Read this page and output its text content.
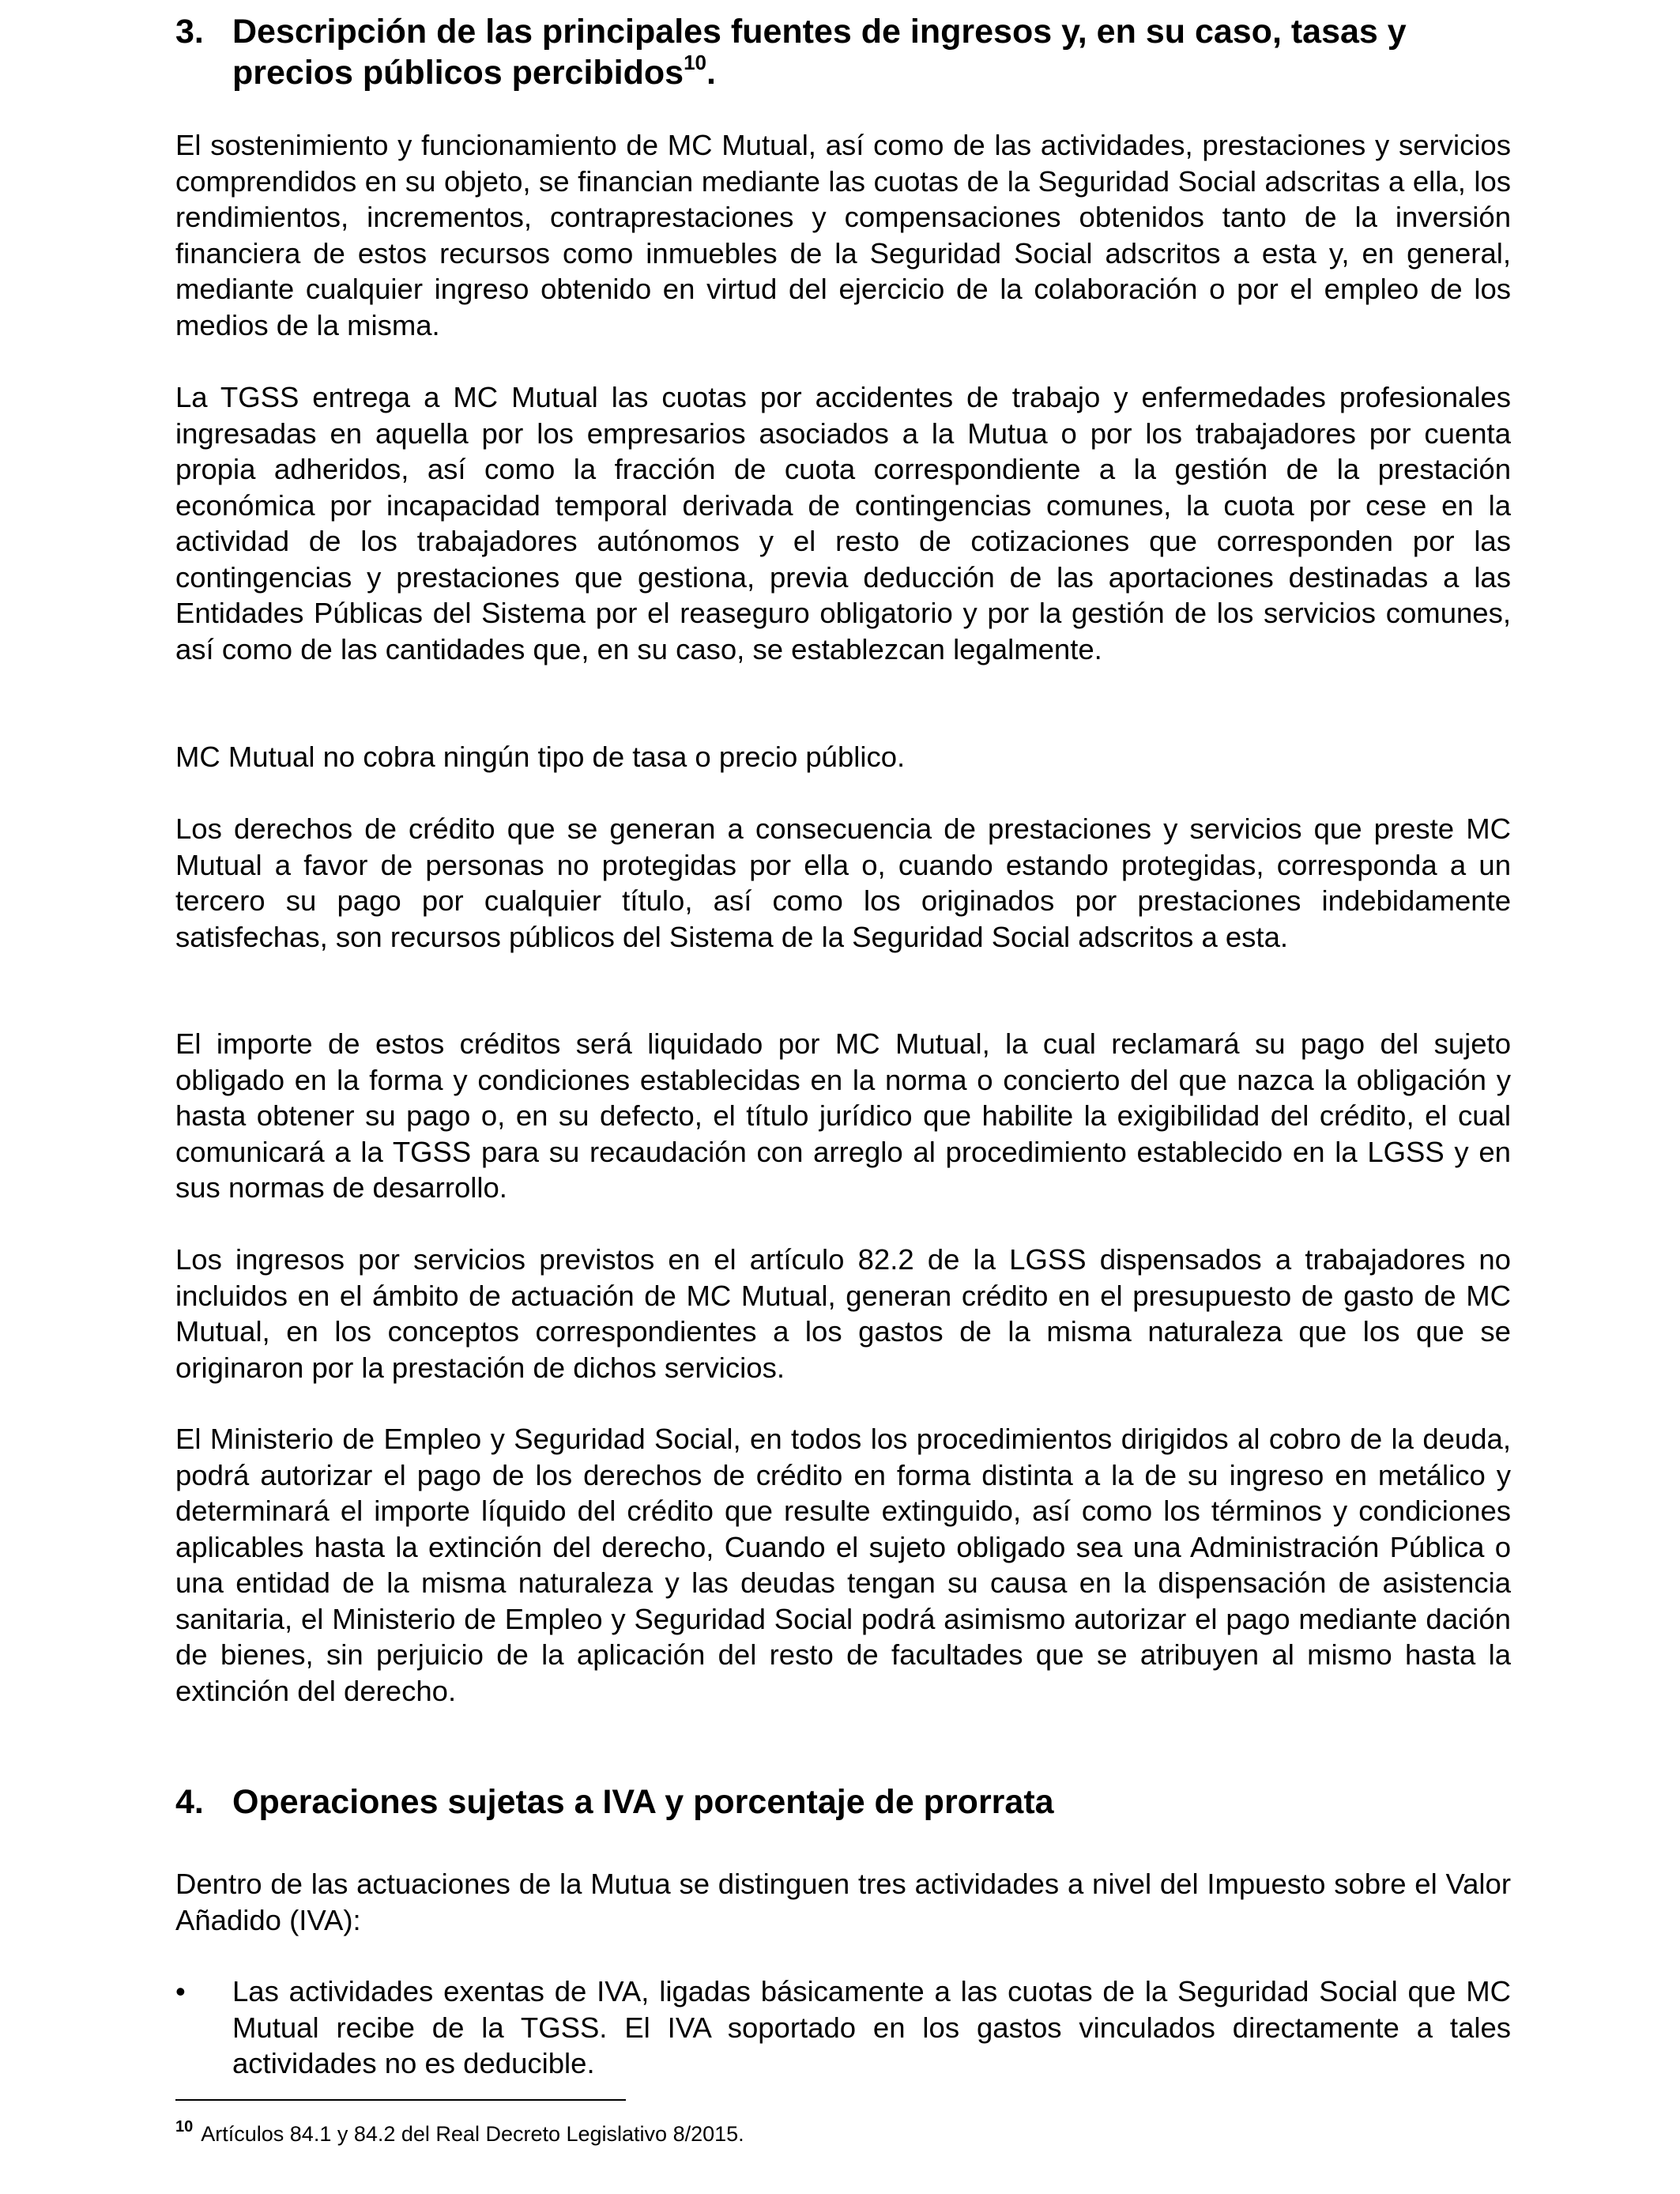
3. Descripción de las principales fuentes de ingresos y, en su caso, tasas y precios públicos percibidos$^{10}$.

El sostenimiento y funcionamiento de MC Mutual, así como de las actividades, prestaciones y servicios comprendidos en su objeto, se financian mediante las cuotas de la Seguridad Social adscritas a ella, los rendimientos, incrementos, contraprestaciones y compensaciones obtenidos tanto de la inversión financiera de estos recursos como inmuebles de la Seguridad Social adscritos a esta y, en general, mediante cualquier ingreso obtenido en virtud del ejercicio de la colaboración o por el empleo de los medios de la misma.

La TGSS entrega a MC Mutual las cuotas por accidentes de trabajo y enfermedades profesionales ingresadas en aquella por los empresarios asociados a la Mutua o por los trabajadores por cuenta propia adheridos, así como la fracción de cuota correspondiente a la gestión de la prestación económica por incapacidad temporal derivada de contingencias comunes, la cuota por cese en la actividad de los trabajadores autónomos y el resto de cotizaciones que corresponden por las contingencias y prestaciones que gestiona, previa deducción de las aportaciones destinadas a las Entidades Públicas del Sistema por el reaseguro obligatorio y por la gestión de los servicios comunes, así como de las cantidades que, en su caso, se establezcan legalmente.

MC Mutual no cobra ningún tipo de tasa o precio público.

Los derechos de crédito que se generan a consecuencia de prestaciones y servicios que preste MC Mutual a favor de personas no protegidas por ella o, cuando estando protegidas, corresponda a un tercero su pago por cualquier título, así como los originados por prestaciones indebidamente satisfechas, son recursos públicos del Sistema de la Seguridad Social adscritos a esta.

El importe de estos créditos será liquidado por MC Mutual, la cual reclamará su pago del sujeto obligado en la forma y condiciones establecidas en la norma o concierto del que nazca la obligación y hasta obtener su pago o, en su defecto, el título jurídico que habilite la exigibilidad del crédito, el cual comunicará a la TGSS para su recaudación con arreglo al procedimiento establecido en la LGSS y en sus normas de desarrollo.

Los ingresos por servicios previstos en el artículo 82.2 de la LGSS dispensados a trabajadores no incluidos en el ámbito de actuación de MC Mutual, generan crédito en el presupuesto de gasto de MC Mutual, en los conceptos correspondientes a los gastos de la misma naturaleza que los que se originaron por la prestación de dichos servicios.

El Ministerio de Empleo y Seguridad Social, en todos los procedimientos dirigidos al cobro de la deuda, podrá autorizar el pago de los derechos de crédito en forma distinta a la de su ingreso en metálico y determinará el importe líquido del crédito que resulte extinguido, así como los términos y condiciones aplicables hasta la extinción del derecho, Cuando el sujeto obligado sea una Administración Pública o una entidad de la misma naturaleza y las deudas tengan su causa en la dispensación de asistencia sanitaria, el Ministerio de Empleo y Seguridad Social podrá asimismo autorizar el pago mediante dación de bienes, sin perjuicio de la aplicación del resto de facultades que se atribuyen al mismo hasta la extinción del derecho.

4. Operaciones sujetas a IVA y porcentaje de prorrata

Dentro de las actuaciones de la Mutua se distinguen tres actividades a nivel del Impuesto sobre el Valor Añadido (IVA):

• Las actividades exentas de IVA, ligadas básicamente a las cuotas de la Seguridad Social que MC Mutual recibe de la TGSS. El IVA soportado en los gastos vinculados directamente a tales actividades no es deducible.

$^{10}$ Artículos 84.1 y 84.2 del Real Decreto Legislativo 8/2015.
